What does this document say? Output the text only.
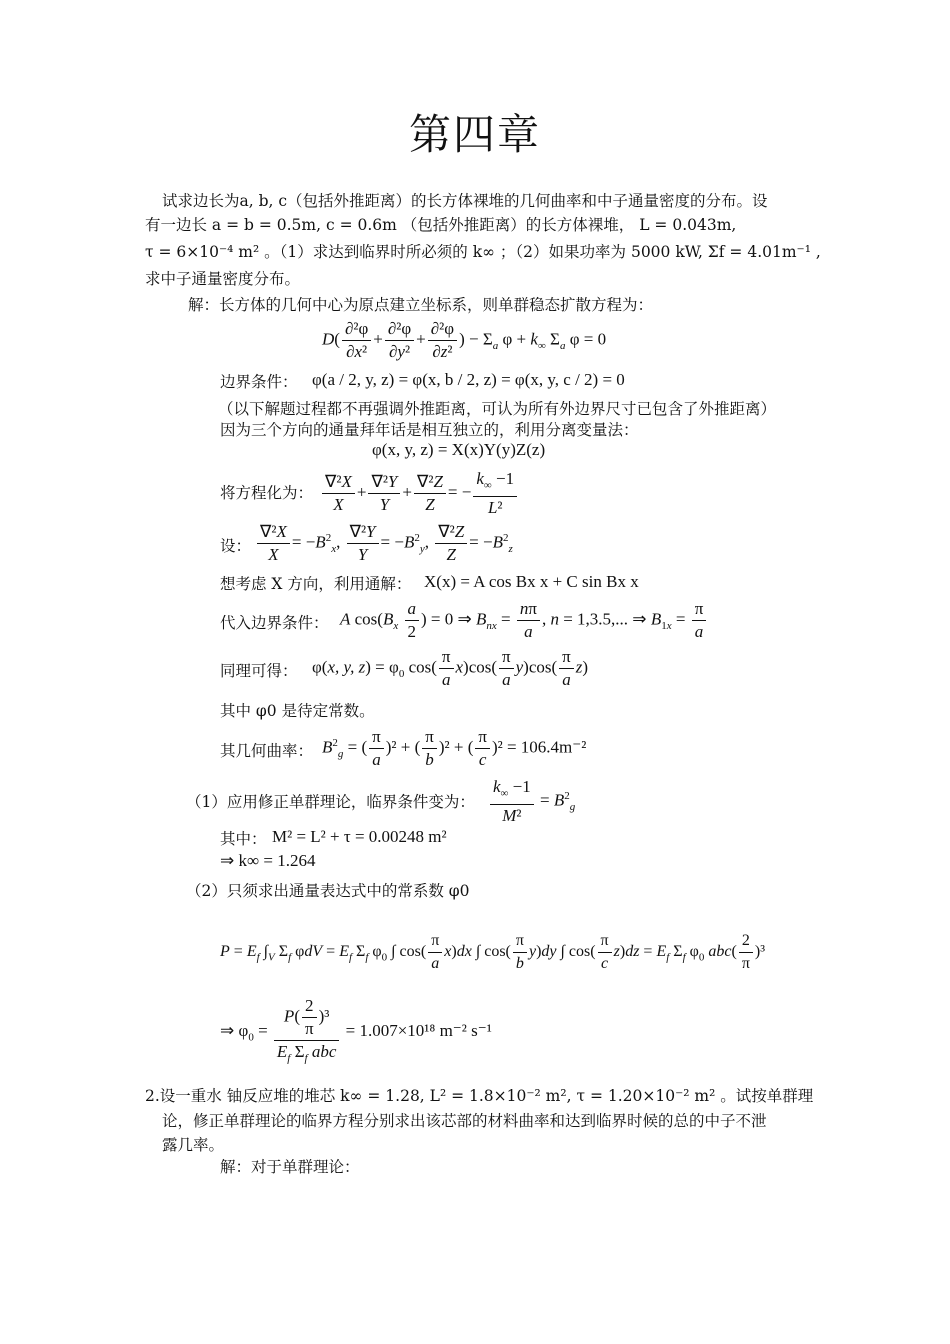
第四章
试求边长为a, b, c（包括外推距离）的长方体裸堆的几何曲率和中子通量密度的分布。设
有一边长 a = b = 0.5m, c = 0.6m （包括外推距离）的长方体裸堆， L = 0.043m,
τ = 6×10⁻⁴ m² 。（1）求达到临界时所必须的 k∞ ；（2）如果功率为 5000 kW, Σf = 4.01m⁻¹ ,
求中子通量密度分布。
解：长方体的几何中心为原点建立坐标系，则单群稳态扩散方程为：
$D( \frac{\text{∂²φ}}{\text{∂x²}} + \frac{\text{∂²φ}}{\text{∂y²}} + \frac{\text{∂²φ}}{\text{∂z²}}$ ) − $\Sigma_a$ $\varphi + k_\infty$ $\Sigma_a$ φ = 0
边界条件： φ(a / 2, y, z) = φ(x, b / 2, z) = φ(x, y, c / 2) = 0
（以下解题过程都不再强调外推距离，可认为所有外边界尺寸已包含了外推距离）
因为三个方向的通量拜年话是相互独立的，利用分离变量法：
φ(x, y, z) = X(x)Y(y)Z(z)
将方程化为： $\frac{\text{∇²X}}{X} + \frac{\text{∇²Y}}{Y} + \frac{\text{∇²Z}}{Z}$ = − $\frac{k_\infty -1}{\text{L²}}$
设： $\frac{\text{∇²X}}{X} = -B^2_x$, $\frac{\text{∇²Y}}{Y} = -B^2_y$, $\frac{\text{∇²Z}}{Z} = -B^2_z$
想考虑 X 方向，利用通解： X(x) = A cos Bx x + C sin Bx x
代入边界条件： A $\cos(B_x \frac{a}{2}$ ) = 0 ⇒ $B_{nx} = \frac{n\pi}{a}$ , n = 1,3.5,... ⇒ $B_{1x} = \frac{\pi}{a}$
同理可得： φ(x, y, $z) = \varphi_0$ $\cos( \frac{\pi}{a} x)\cos( \frac{\pi}{a} y)\cos( \frac{\pi}{a} z)$
其中 φ0 是待定常数。
其几何曲率： $B^2_g$ = ( $\frac{\pi}{a} )^2$ + ( $\frac{\pi}{b} )^2$ + ( $\frac{\pi}{c} )^2 = 106.4m^{-2}$
（1）应用修正单群理论，临界条件变为： $\frac{k_\infty -1}{\text{M²}} = B^2_g$
其中： M² = L² + τ = 0.00248 m²
⇒ k∞ = 1.264
（2）只须求出通量表达式中的常系数 φ0
$P = E_f$ $\int_V$ $\Sigma_f$ $\varphi dV = E_f$ $\Sigma_f$ $\varphi_0$ ∫ $\cos( \frac{\pi}{a} x)dx$ ∫ $\cos( \frac{\pi}{b} y)dy$ ∫ $\cos( \frac{\pi}{c} z)dz = E_f$ $\Sigma_f$ $\varphi_0$ $abc( \frac{2}{\pi} )^3$
⇒ $\varphi_0 = \frac{P( \frac{2}{\pi} )^3}{E_f \Sigma_f abc} = 1.007\times 10^{18}$ m⁻² s⁻¹
2.设一重水 铀反应堆的堆芯 k∞ = 1.28, L² = 1.8×10⁻² m², τ = 1.20×10⁻² m² 。试按单群理
论，修正单群理论的临界方程分别求出该芯部的材料曲率和达到临界时候的总的中子不泄
露几率。
解：对于单群理论：
